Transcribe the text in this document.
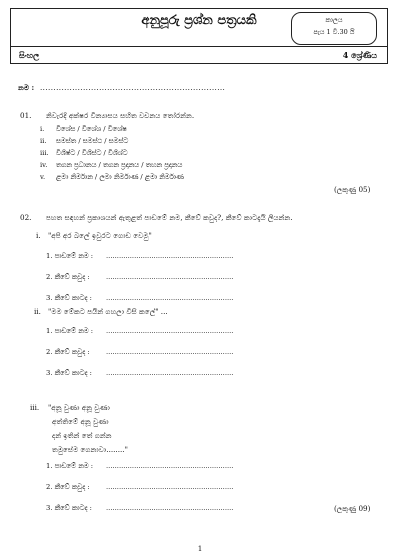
අනුපූරු ප්‍රශ්න පත්‍රයකි	කාලය
පැය 1 වි.30 යි
සිංහල	4 ශ්‍රේණිය
නම : .....................................................................
01. නිවැරදි අක්ෂර වින්‍යාසය සහිත වචනය තෝරන්න.
i. විශේස / විශේශ / විශේෂ
ii. සමස්ත / සමස්ථ / සමස්ට
iii. විශිෂ්ට / විශිස්ට / විශිශ්ට
iv. තගන ප්‍රධානය / තගන ප්‍රදානය / තහන ප්‍රදානය
v. ළමා නිර්මාන / ලමා නිර්මාණ / ළමා නිර්මාණ
(ලකුණු 05)
02. පහත සඳහන් ප්‍රකාශයන් ඇතුළත් පාඩමේ නම, කීවේ කවුද?, කීවේ කාටදැයි ලියන්න.
i. "අපි අර බලේ ඉවුරට ගොඩ වෙමු"
1. පාඩමේ නම : ...........................................................
2. කීවේ කවුද : ...........................................................
3. කීවේ කාටද : ...........................................................
ii. "මම මේකට පයින් ගහලා විසි කලේ" ...
1. පාඩමේ නම : ...........................................................
2. කීවේ කවුද : ...........................................................
3. කීවේ කාටද : ...........................................................
iii. "අනූ වුණා අනූ වුණා
අත්තිමේ අනූ වුණා
දන් ඉතින් තේ ගන්න
තමුසේම ගෙනාවා........"
1. පාඩමේ නම : ...........................................................
2. කීවේ කවුද : ...........................................................
3. කීවේ කාටද : ...........................................................	(ලකුණු 09)
1
